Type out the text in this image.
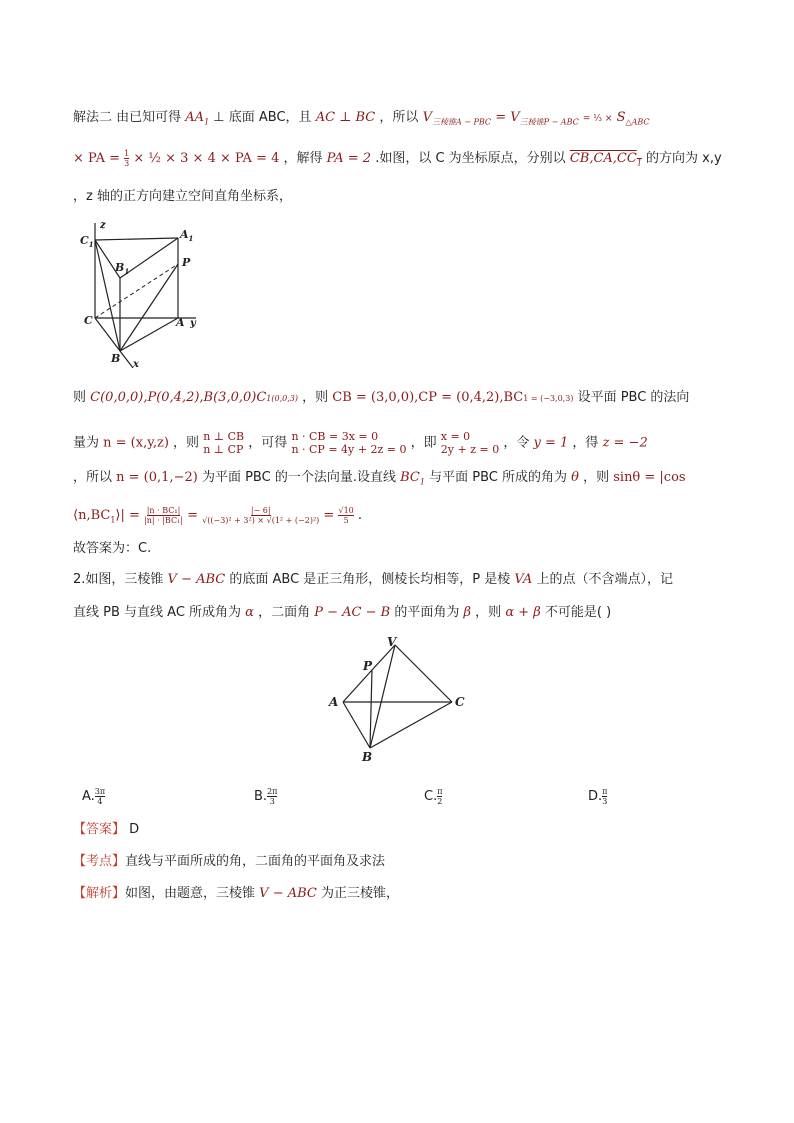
解法二 由已知可得 $AA_1$ ⊥ 底面 ABC，且 AC ⊥ BC ，所以 $V_{三棱锥A - PBC} = V_{三棱锥P - ABC}$ = ⅓ × $S_{\triangle ABC}$
× PA = $\frac{1}{3}$ × ½ × 3 × 4 × PA = 4 ，解得 PA = 2 .如图，以 C 为坐标原点，分别以 $CB,CA,CC_1$ 的方向为 x,y
，z 轴的正方向建立空间直角坐标系，
z
$C_1$
$A_1$
$B_1$
P
C	A y
B x
则 C(0,0,0),P(0,4,2),B(3,0,0)C1(0,0,3) ，则 CB = (3,0,0),CP = (0,4,2),BC1 = (−3,0,3) 设平面 PBC 的法向
量为 n = (x,y,z) ，则 n ⊥ CB
n ⊥ CP ，可得 n · CB = 3x = 0
n · CP = 4y + 2z = 0 ，即 x = 0
2y + z = 0 ，令 y = 1 ，得 z = −2
，所以 n = (0,1,−2) 为平面 PBC 的一个法向量.设直线 $BC_1$ 与平面 PBC 所成的角为 θ ，则 sinθ = |cos
$⟨n,BC_1⟩| = \frac{\text{|n · BC₁|}}{\text{|n| · |BC₁|}} = \frac{|- 6|}{\text{√((−3)² + 3²) × √(1² + (−2)²)}} = \frac{√10}{5}$ .
故答案为：C.
2.如图，三棱锥 V − ABC 的底面 ABC 是正三角形，侧棱长均相等，P 是棱 VA 上的点（不含端点），记
直线 PB 与直线 AC 所成角为 α ，二面角 P − AC − B 的平面角为 β ，则 α + β 不可能是( )
V
P
A	C
B
A. $\frac{3\pi}{4}$	B. $\frac{2\pi}{3}$	C. $\frac{\pi}{2}$	D. $\frac{\pi}{3}$
【答案】 D
【考点】直线与平面所成的角，二面角的平面角及求法
【解析】如图，由题意，三棱锥 V − ABC 为正三棱锥，
